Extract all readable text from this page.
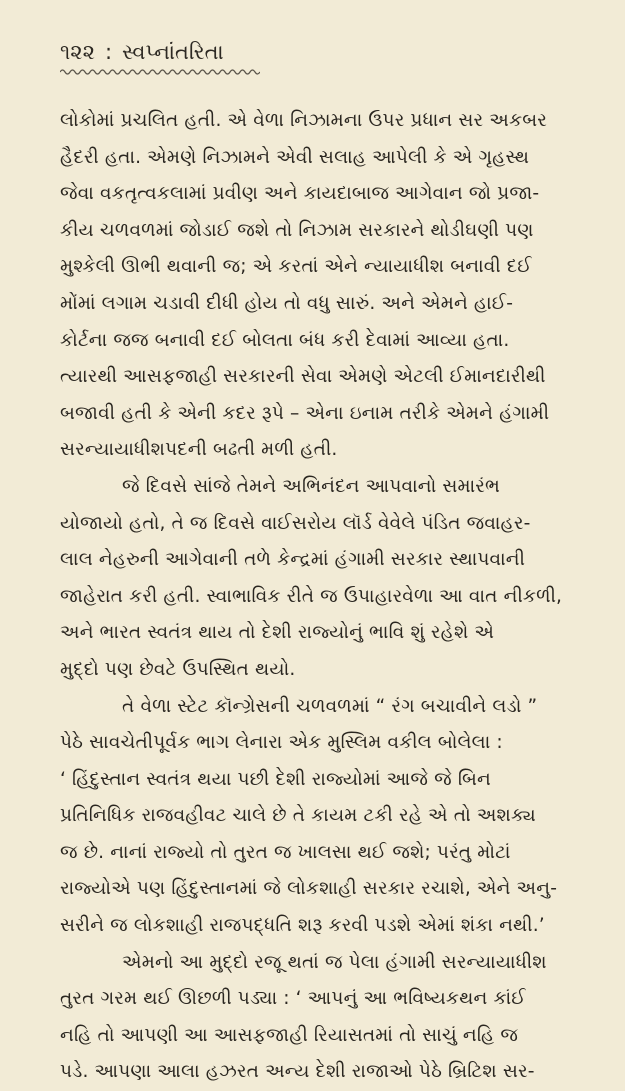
૧૨૨ : સ્વપ્નાંતરિતા

લોકોમાં પ્રચલિત હતી. એ વેળા નિઝામના ઉપર પ્રધાન સર અકબર
હૈદરી હતા. એમણે નિઝામને એવી સલાહ આપેલી કે એ ગૃહસ્થ
જેવા વકતૃત્વકલામાં પ્રવીણ અને કાયદાબાજ આગેવાન જો પ્રજા-
કીય ચળવળમાં જોડાઈ જશે તો નિઝામ સરકારને થોડીઘણી પણ
મુશ્કેલી ઊભી થવાની જ; એ કરતાં એને ન્યાયાધીશ બનાવી દઈ
મોંમાં લગામ ચડાવી દીધી હોય તો વધુ સારું. અને એમને હાઈ-
કોર્ટના જજ બનાવી દઈ બોલતા બંધ કરી દેવામાં આવ્યા હતા.
ત્યારથી આસફજાહી સરકારની સેવા એમણે એટલી ઈમાનદારીથી
બજાવી હતી કે એની કદર રૂપે – એના ઇનામ તરીકે એમને હંગામી
સરન્યાયાધીશપદની બઢતી મળી હતી.

જે દિવસે સાંજે તેમને અભિનંદન આપવાનો સમારંભ
યોજાયો હતો, તે જ દિવસે વાઈસરોય લૉર્ડ વેવેલે પંડિત જવાહર-
લાલ નેહરુની આગેવાની તળે કેન્દ્રમાં હંગામી સરકાર સ્થાપવાની
જાહેરાત કરી હતી. સ્વાભાવિક રીતે જ ઉપાહારવેળા આ વાત નીકળી,
અને ભારત સ્વતંત્ર થાય તો દેશી રાજ્યોનું ભાવિ શું રહેશે એ
મુદ્દો પણ છેવટે ઉપસ્થિત થયો.

તે વેળા સ્ટેટ કૉન્ગ્રેસની ચળવળમાં “ રંગ બચાવીને લડો ”
પેઠે સાવચેતીપૂર્વક ભાગ લેનારા એક મુસ્લિમ વકીલ બોલેલા :
‘ હિંદુસ્તાન સ્વતંત્ર થયા પછી દેશી રાજ્યોમાં આજે જે બિન
પ્રતિનિધિક રાજવહીવટ ચાલે છે તે કાયમ ટકી રહે એ તો અશક્ય
જ છે. નાનાં રાજ્યો તો તુરત જ ખાલસા થઈ જશે; પરંતુ મોટાં
રાજ્યોએ પણ હિંદુસ્તાનમાં જે લોકશાહી સરકાર રચાશે, એને અનુ-
સરીને જ લોકશાહી રાજપદ્ધતિ શરૂ કરવી પડશે એમાં શંકા નથી.’

એમનો આ મુદ્દો રજૂ થતાં જ પેલા હંગામી સરન્યાયાધીશ
તુરત ગરમ થઈ ઊછળી પડ્યા : ‘ આપનું આ ભવિષ્યકથન કાંઈ
નહિ તો આપણી આ આસફજાહી રિયાસતમાં તો સાચું નહિ જ
પડે. આપણા આલા હઝરત અન્ય દેશી રાજાઓ પેઠે બ્રિટિશ સર-
